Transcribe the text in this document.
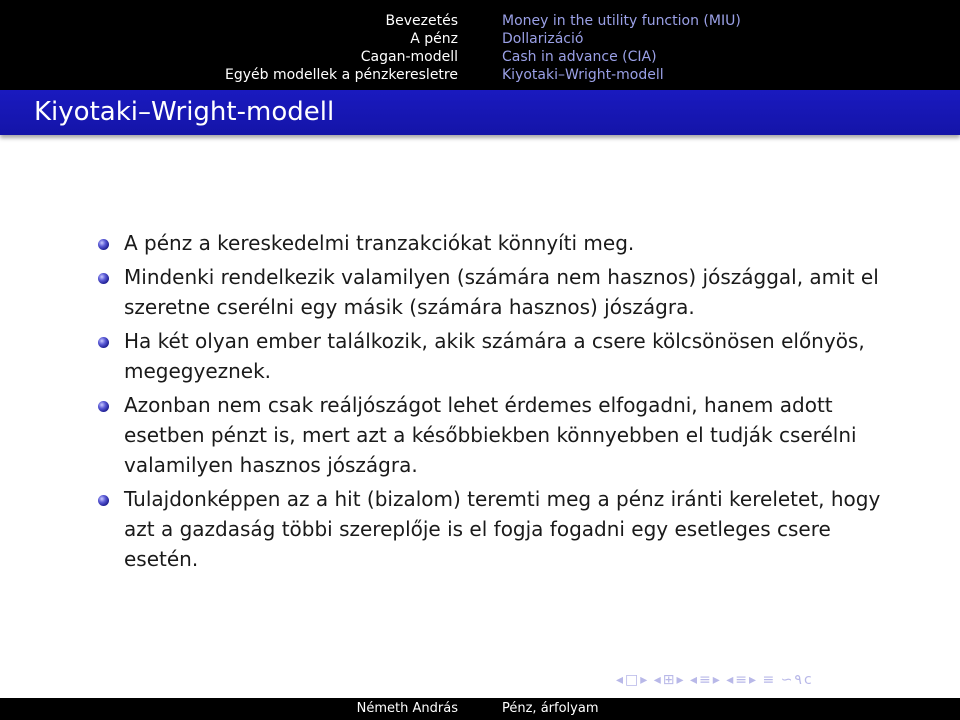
Bevezetés
A pénz
Cagan-modell
Egyéb modellek a pénzkeresletre
Money in the utility function (MIU)
Dollarizáció
Cash in advance (CIA)
Kiyotaki–Wright-modell
Kiyotaki–Wright-modell
A pénz a kereskedelmi tranzakciókat könnyíti meg.
Mindenki rendelkezik valamilyen (számára nem hasznos) jószággal, amit el szeretne cserélni egy másik (számára hasznos) jószágra.
Ha két olyan ember találkozik, akik számára a csere kölcsönösen előnyös, megegyeznek.
Azonban nem csak reáljószágot lehet érdemes elfogadni, hanem adott esetben pénzt is, mert azt a későbbiekben könnyebben el tudják cserélni valamilyen hasznos jószágra.
Tulajdonképpen az a hit (bizalom) teremti meg a pénz iránti kereletet, hogy azt a gazdaság többi szereplője is el fogja fogadni egy esetleges csere esetén.
◂ □ ▸ ◂ ⊞ ▸ ◂ ≡ ▸ ◂ ≡ ▸ ≡ ∽ ۹ ᴄ
Németh András	Pénz, árfolyam
